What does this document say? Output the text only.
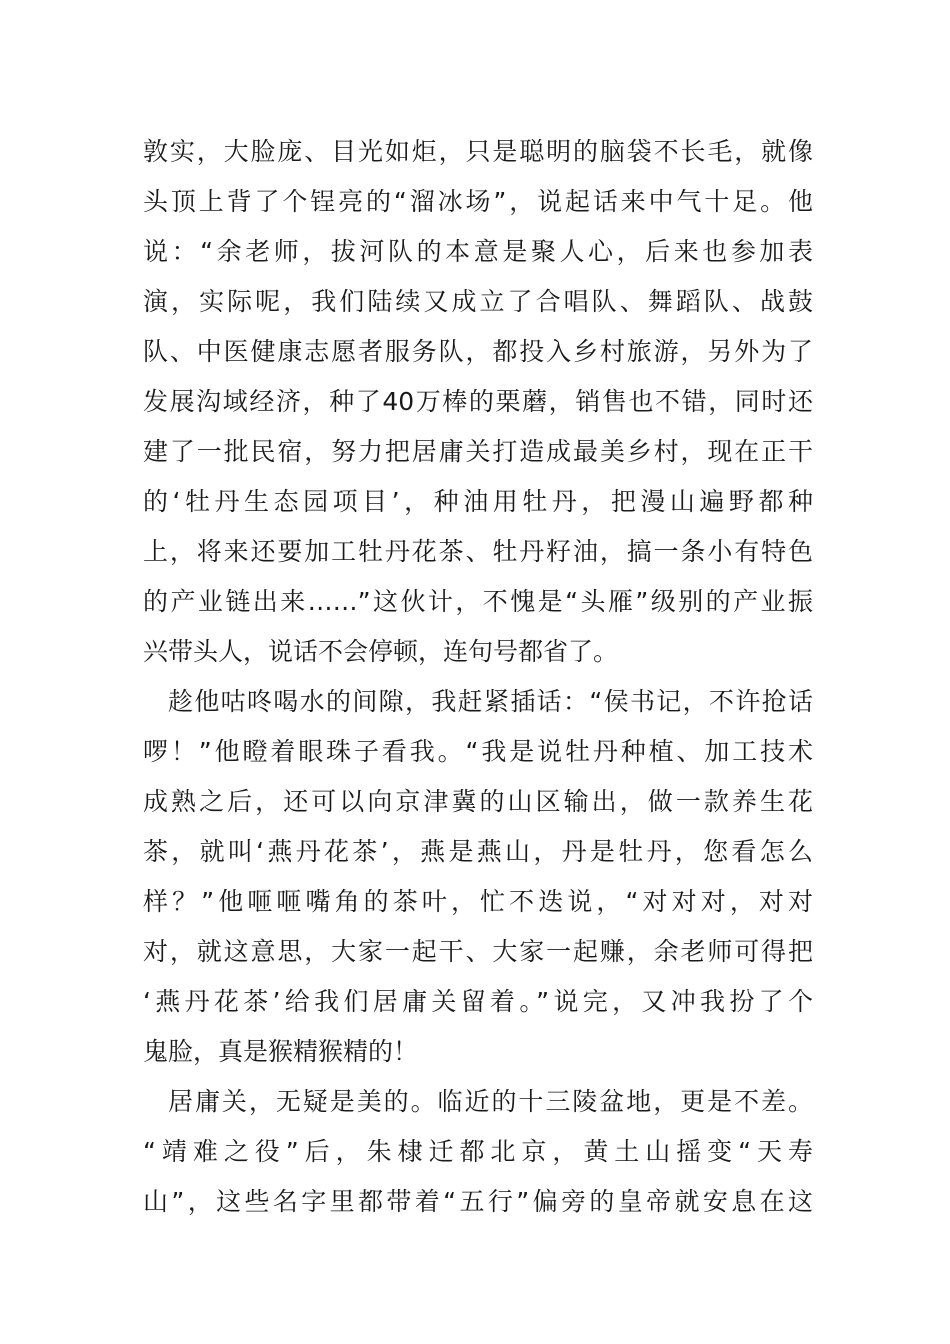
敦实，大脸庞、目光如炬，只是聪明的脑袋不长毛，就像
头顶上背了个锃亮的“溜冰场”，说起话来中气十足。他
说：“余老师，拔河队的本意是聚人心，后来也参加表
演，实际呢，我们陆续又成立了合唱队、舞蹈队、战鼓
队、中医健康志愿者服务队，都投入乡村旅游，另外为了
发展沟域经济，种了40万棒的栗蘑，销售也不错，同时还
建了一批民宿，努力把居庸关打造成最美乡村，现在正干
的‘牡丹生态园项目’，种油用牡丹，把漫山遍野都种
上，将来还要加工牡丹花茶、牡丹籽油，搞一条小有特色
的产业链出来……”这伙计，不愧是“头雁”级别的产业振
兴带头人，说话不会停顿，连句号都省了。
趁他咕咚喝水的间隙，我赶紧插话：“侯书记，不许抢话
啰！”他瞪着眼珠子看我。“我是说牡丹种植、加工技术
成熟之后，还可以向京津冀的山区输出，做一款养生花
茶，就叫‘燕丹花茶’，燕是燕山，丹是牡丹，您看怎么
样？”他咂咂嘴角的茶叶，忙不迭说，“对对对，对对
对，就这意思，大家一起干、大家一起赚，余老师可得把
‘燕丹花茶’给我们居庸关留着。”说完，又冲我扮了个
鬼脸，真是猴精猴精的！
居庸关，无疑是美的。临近的十三陵盆地，更是不差。
“靖难之役”后，朱棣迁都北京，黄土山摇变“天寿
山”，这些名字里都带着“五行”偏旁的皇帝就安息在这
